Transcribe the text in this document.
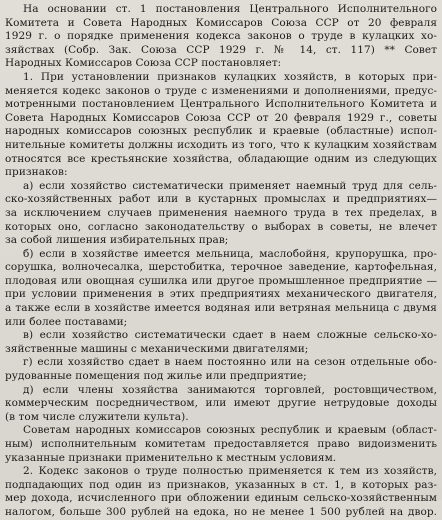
На основании ст. 1 постановления Центрального Исполнительного
Комитета и Совета Народных Комиссаров Союза ССР от 20 февраля
1929 г. о порядке применения кодекса законов о труде в кулацких хо-
зяйствах (Собр. Зак. Союза ССР 1929 г. № 14, ст. 117) ** Совет
Народных Комиссаров Союза ССР постановляет:
1. При установлении признаков кулацких хозяйств, в которых при-
меняется кодекс законов о труде с изменениями и дополнениями, предус-
мотренными постановлением Центрального Исполнительного Комитета и
Совета Народных Комиссаров Союза ССР от 20 февраля 1929 г., советы
народных комиссаров союзных республик и краевые (областные) испол-
нительные комитеты должны исходить из того, что к кулацким хозяйствам
относятся все крестьянские хозяйства, обладающие одним из следующих
признаков:
а) если хозяйство систематически применяет наемный труд для сель-
ско-хозяйственных работ или в кустарных промыслах и предприятиях—
за исключением случаев применения наемного труда в тех пределах, в
которых оно, согласно законодательству о выборах в советы, не влечет
за собой лишения избирательных прав;
б) если в хозяйстве имеется мельница, маслобойня, крупорушка, про-
сорушка, волночесалка, шерстобитка, терочное заведение, картофельная,
плодовая или овощная сушилка или другое промышленное предприятие —
при условии применения в этих предприятиях механического двигателя,
а также если в хозяйстве имеется водяная или ветряная мельница с двумя
или более поставами;
в) если хозяйство систематически сдает в наем сложные сельско-хо-
зяйственные машины с механическими двигателями;
г) если хозяйство сдает в наем постоянно или на сезон отдельные обо-
рудованные помещения под жилье или предприятие;
д) если члены хозяйства занимаются торговлей, ростовщичеством,
коммерческим посредничеством, или имеют другие нетрудовые доходы
(в том числе служители культа).
Советам народных комиссаров союзных республик и краевым (област-
ным) исполнительным комитетам предоставляется право видоизменить
указанные признаки применительно к местным условиям.
2. Кодекс законов о труде полностью применяется к тем из хозяйств,
подпадающих под один из признаков, указанных в ст. 1, в которых раз-
мер дохода, исчисленного при обложении единым сельско-хозяйственным
налогом, больше 300 рублей на едока, но не менее 1 500 рублей на двор.
